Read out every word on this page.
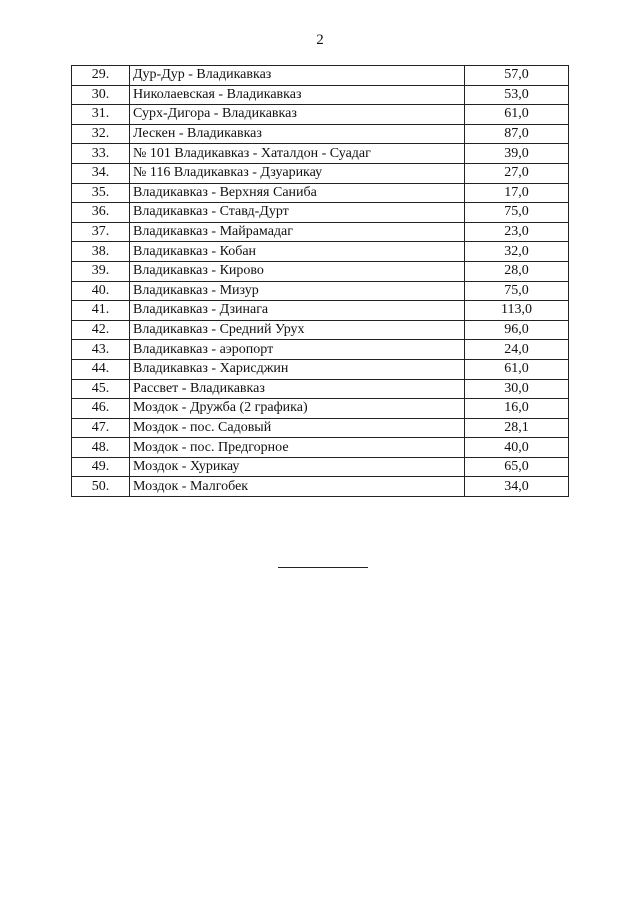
2
29.	Дур-Дур - Владикавказ	57,0
30.	Николаевская - Владикавказ	53,0
31.	Сурх-Дигора - Владикавказ	61,0
32.	Лескен - Владикавказ	87,0
33.	№ 101 Владикавказ - Хаталдон - Суадаг	39,0
34.	№ 116 Владикавказ - Дзуарикау	27,0
35.	Владикавказ - Верхняя Саниба	17,0
36.	Владикавказ - Ставд-Дурт	75,0
37.	Владикавказ - Майрамадаг	23,0
38.	Владикавказ - Кобан	32,0
39.	Владикавказ - Кирово	28,0
40.	Владикавказ - Мизур	75,0
41.	Владикавказ - Дзинага	113,0
42.	Владикавказ - Средний Урух	96,0
43.	Владикавказ - аэропорт	24,0
44.	Владикавказ - Харисджин	61,0
45.	Рассвет - Владикавказ	30,0
46.	Моздок - Дружба (2 графика)	16,0
47.	Моздок - пос. Садовый	28,1
48.	Моздок - пос. Предгорное	40,0
49.	Моздок - Хурикау	65,0
50.	Моздок - Малгобек	34,0
